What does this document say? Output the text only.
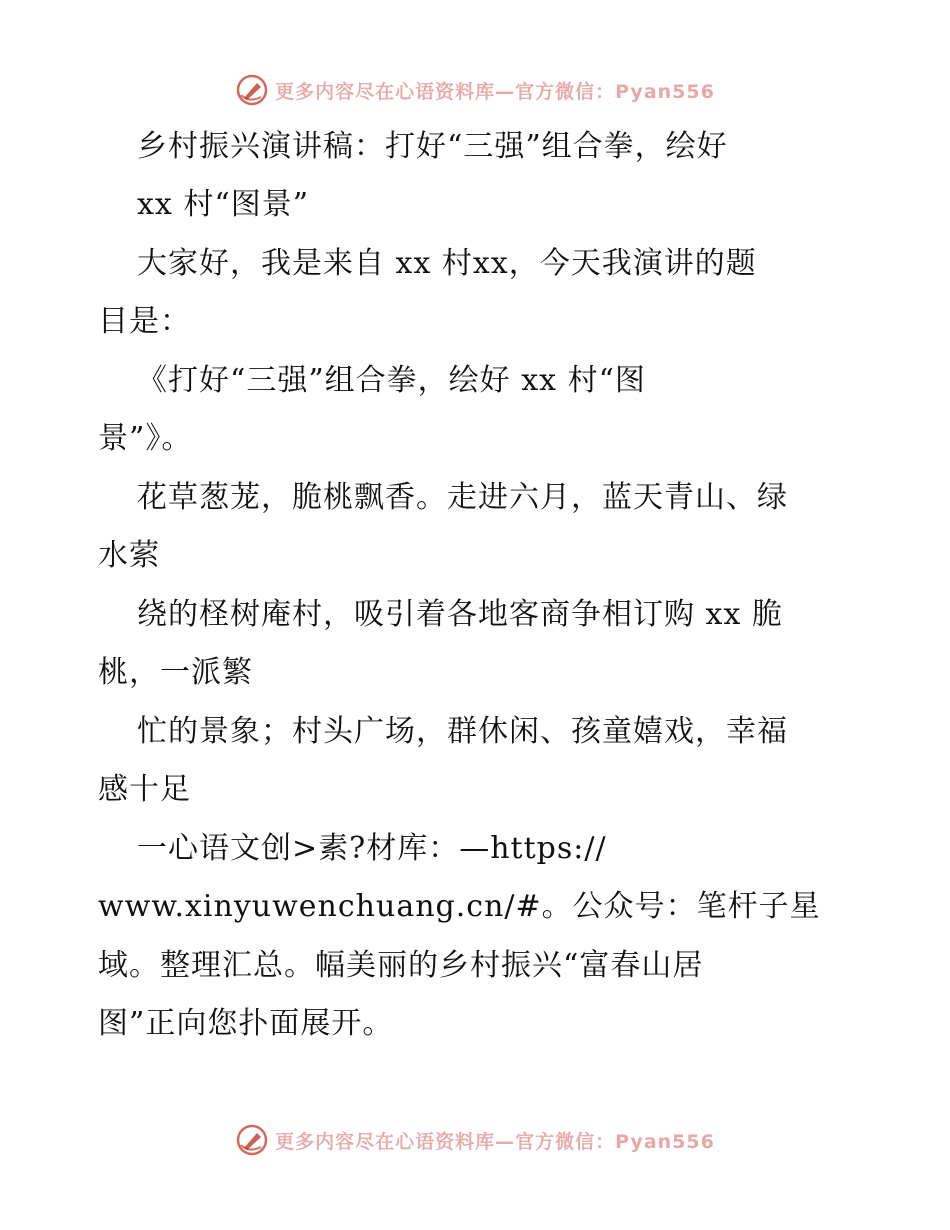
更多内容尽在心语资料库—官方微信：Pyan556
乡村振兴演讲稿：打好“三强”组合拳，绘好
xx 村“图景”
大家好，我是来自 xx 村xx，今天我演讲的题
目是：
《打好“三强”组合拳，绘好 xx 村“图
景”》。
花草葱茏，脆桃飘香。走进六月，蓝天青山、绿
水萦
绕的柽树庵村，吸引着各地客商争相订购 xx 脆
桃，一派繁
忙的景象；村头广场，群休闲、孩童嬉戏，幸福
感十足
一心语文创>素?材库：—https://
www.xinyuwenchuang.cn/#。公众号：笔杆子星
域。整理汇总。幅美丽的乡村振兴“富春山居
图”正向您扑面展开。
更多内容尽在心语资料库—官方微信：Pyan556
